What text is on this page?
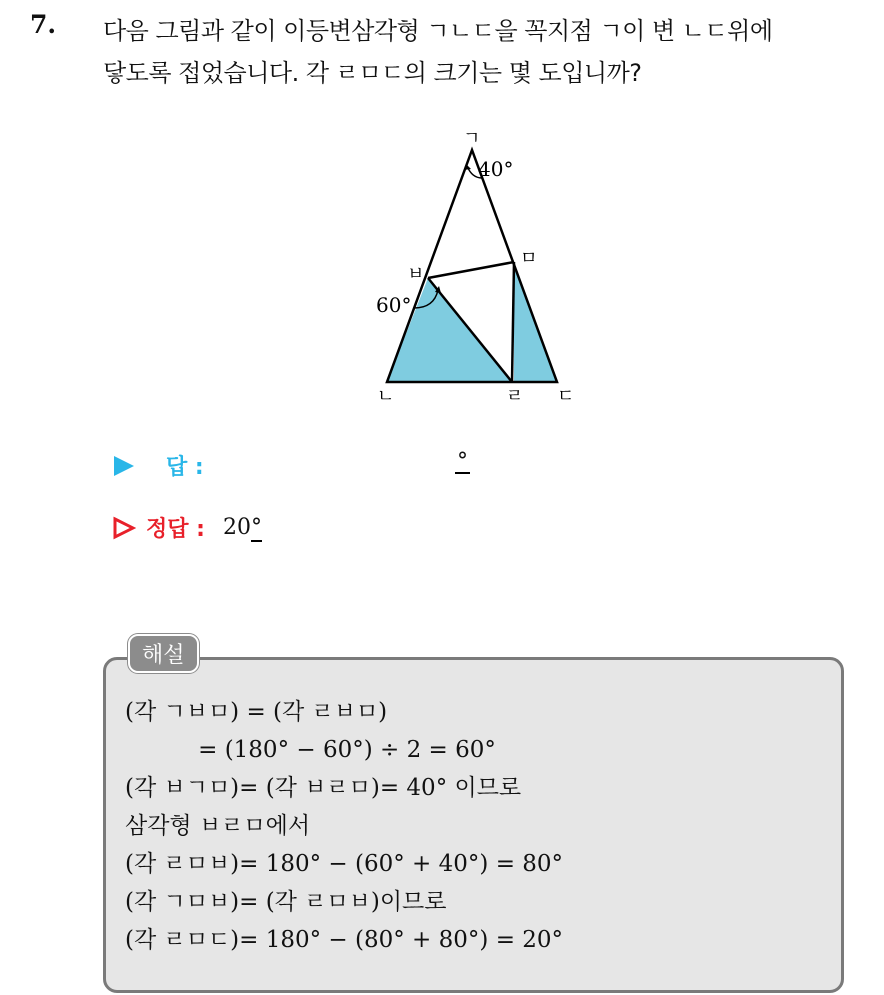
7. 다음 그림과 같이 이등변삼각형 ㄱㄴㄷ을 꼭지점 ㄱ이 변 ㄴㄷ위에
닿도록 접었습니다. 각 ㄹㅁㄷ의 크기는 몇 도입니까?
ㄱ
40°
ㅁ
ㅂ
60°
ㄴ	ㄹ ㄷ
답 :	°
정답 : 20°
해설
(각 ㄱㅂㅁ) = (각 ㄹㅂㅁ)
= (180° − 60°) ÷ 2 = 60°
(각 ㅂㄱㅁ)= (각 ㅂㄹㅁ)= 40° 이므로
삼각형 ㅂㄹㅁ에서
(각 ㄹㅁㅂ)= 180° − (60° + 40°) = 80°
(각 ㄱㅁㅂ)= (각 ㄹㅁㅂ)이므로
(각 ㄹㅁㄷ)= 180° − (80° + 80°) = 20°
